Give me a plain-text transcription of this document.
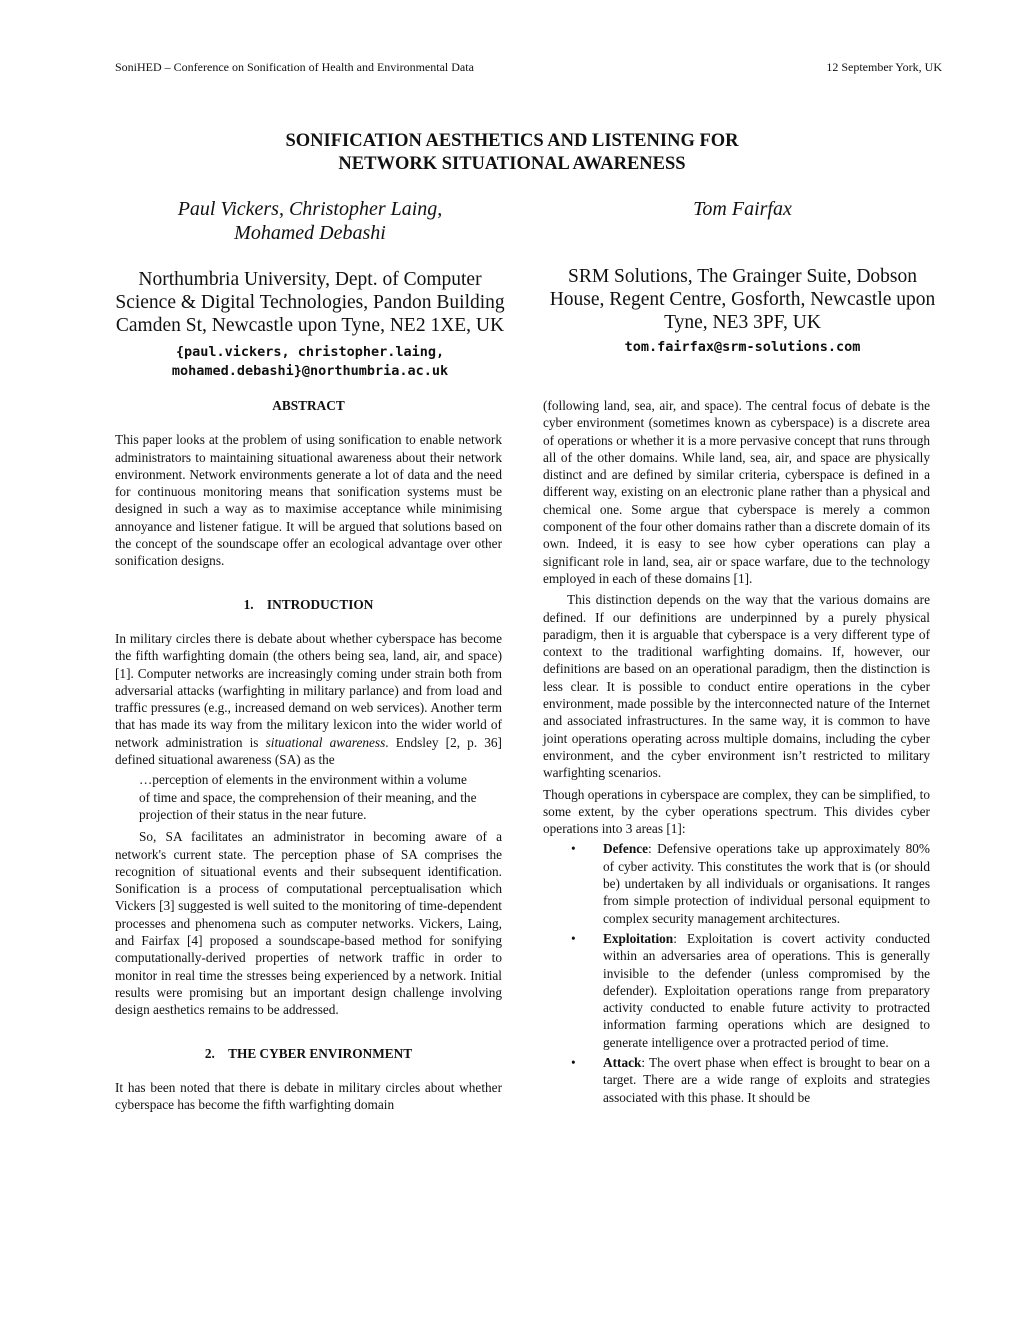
SoniHED – Conference on Sonification of Health and Environmental Data	12 September York, UK
SONIFICATION AESTHETICS AND LISTENING FOR
NETWORK SITUATIONAL AWARENESS
Paul Vickers, Christopher Laing,
Mohamed Debashi
Tom Fairfax
Northumbria University, Dept. of Computer
Science & Digital Technologies, Pandon Building
Camden St, Newcastle upon Tyne, NE2 1XE, UK
{paul.vickers, christopher.laing,
mohamed.debashi}@northumbria.ac.uk
SRM Solutions, The Grainger Suite, Dobson
House, Regent Centre, Gosforth, Newcastle upon
Tyne, NE3 3PF, UK
tom.fairfax@srm-solutions.com

ABSTRACT

This paper looks at the problem of using sonification to enable network administrators to maintaining situational awareness about their network environment. Network environments generate a lot of data and the need for continuous monitoring means that sonification systems must be designed in such a way as to maximise acceptance while minimising annoyance and listener fatigue. It will be argued that solutions based on the concept of the soundscape offer an ecological advantage over other sonification designs.

1.    INTRODUCTION

In military circles there is debate about whether cyberspace has become the fifth warfighting domain (the others being sea, land, air, and space) [1]. Computer networks are increasingly coming under strain both from adversarial attacks (warfighting in military parlance) and from load and traffic pressures (e.g., increased demand on web services). Another term that has made its way from the military lexicon into the wider world of network administration is situational awareness. Endsley [2, p. 36] defined situational awareness (SA) as the

…perception of elements in the environment within a volume of time and space, the comprehension of their meaning, and the projection of their status in the near future.

So, SA facilitates an administrator in becoming aware of a network's current state. The perception phase of SA comprises the recognition of situational events and their subsequent identification. Sonification is a process of computational perceptualisation which Vickers [3] suggested is well suited to the monitoring of time-dependent processes and phenomena such as computer networks. Vickers, Laing, and Fairfax [4] proposed a soundscape-based method for sonifying computationally-derived properties of network traffic in order to monitor in real time the stresses being experienced by a network. Initial results were promising but an important design challenge involving design aesthetics remains to be addressed.

2.    THE CYBER ENVIRONMENT

It has been noted that there is debate in military circles about whether cyberspace has become the fifth warfighting domain

(following land, sea, air, and space). The central focus of debate is the cyber environment (sometimes known as cyberspace) is a discrete area of operations or whether it is a more pervasive concept that runs through all of the other domains. While land, sea, air, and space are physically distinct and are defined by similar criteria, cyberspace is defined in a different way, existing on an electronic plane rather than a physical and chemical one. Some argue that cyberspace is merely a common component of the four other domains rather than a discrete domain of its own. Indeed, it is easy to see how cyber operations can play a significant role in land, sea, air or space warfare, due to the technology employed in each of these domains [1].

This distinction depends on the way that the various domains are defined. If our definitions are underpinned by a purely physical paradigm, then it is arguable that cyberspace is a very different type of context to the traditional warfighting domains. If, however, our definitions are based on an operational paradigm, then the distinction is less clear. It is possible to conduct entire operations in the cyber environment, made possible by the interconnected nature of the Internet and associated infrastructures. In the same way, it is common to have joint operations operating across multiple domains, including the cyber environment, and the cyber environment isn’t restricted to military warfighting scenarios.

Though operations in cyberspace are complex, they can be simplified, to some extent, by the cyber operations spectrum. This divides cyber operations into 3 areas [1]:

• Defence: Defensive operations take up approximately 80% of cyber activity. This constitutes the work that is (or should be) undertaken by all individuals or organisations. It ranges from simple protection of individual personal equipment to complex security management architectures.
• Exploitation: Exploitation is covert activity conducted within an adversaries area of operations. This is generally invisible to the defender (unless compromised by the defender). Exploitation operations range from preparatory activity conducted to enable future activity to protracted information farming operations which are designed to generate intelligence over a protracted period of time.
• Attack: The overt phase when effect is brought to bear on a target. There are a wide range of exploits and strategies associated with this phase. It should be
